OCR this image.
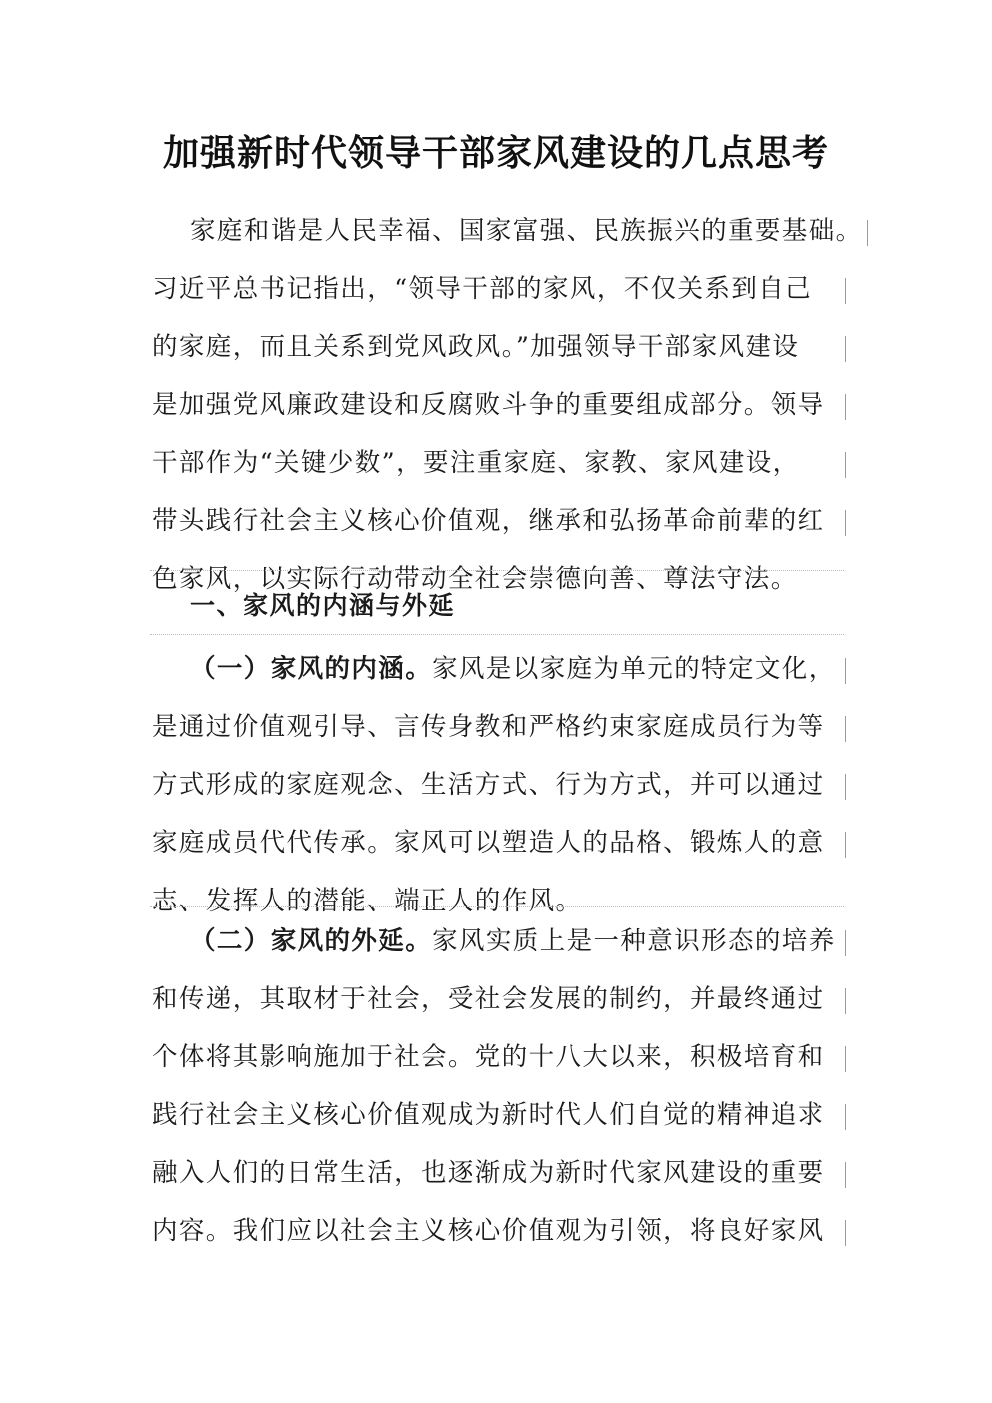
加强新时代领导干部家风建设的几点思考
家庭和谐是人民幸福、国家富强、民族振兴的重要基础。
习近平总书记指出，“领导干部的家风，不仅关系到自己
的家庭，而且关系到党风政风。”加强领导干部家风建设
是加强党风廉政建设和反腐败斗争的重要组成部分。领导
干部作为“关键少数”，要注重家庭、家教、家风建设，
带头践行社会主义核心价值观，继承和弘扬革命前辈的红
色家风，以实际行动带动全社会崇德向善、尊法守法。
一、家风的内涵与外延
（一）家风的内涵。家风是以家庭为单元的特定文化，
是通过价值观引导、言传身教和严格约束家庭成员行为等
方式形成的家庭观念、生活方式、行为方式，并可以通过
家庭成员代代传承。家风可以塑造人的品格、锻炼人的意
志、发挥人的潜能、端正人的作风。
（二）家风的外延。家风实质上是一种意识形态的培养
和传递，其取材于社会，受社会发展的制约，并最终通过
个体将其影响施加于社会。党的十八大以来，积极培育和
践行社会主义核心价值观成为新时代人们自觉的精神追求
融入人们的日常生活，也逐渐成为新时代家风建设的重要
内容。我们应以社会主义核心价值观为引领，将良好家风
